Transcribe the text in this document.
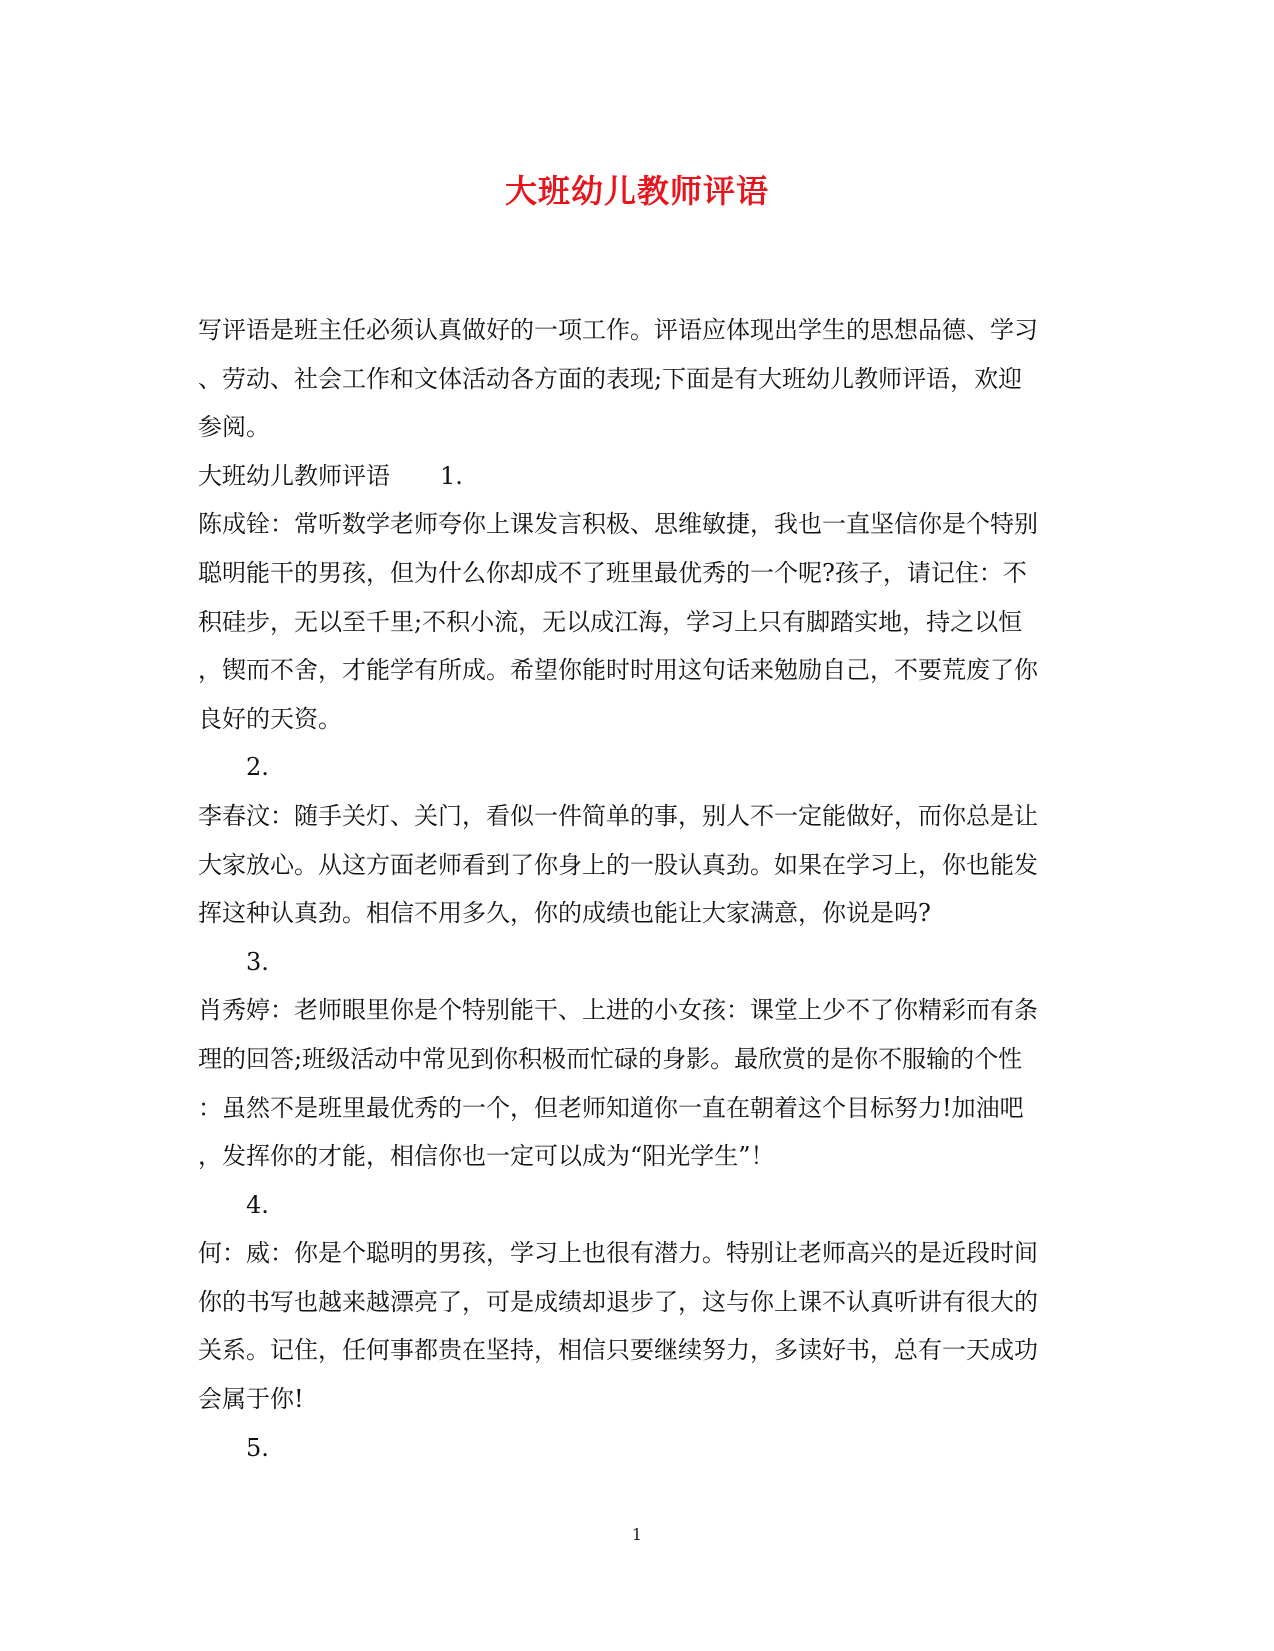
大班幼儿教师评语
写评语是班主任必须认真做好的一项工作。评语应体现出学生的思想品德、学习
、劳动、社会工作和文体活动各方面的表现;下面是有大班幼儿教师评语，欢迎
参阅。
大班幼儿教师评语 1.
陈成铨：常听数学老师夸你上课发言积极、思维敏捷，我也一直坚信你是个特别
聪明能干的男孩，但为什么你却成不了班里最优秀的一个呢?孩子，请记住：不
积硅步，无以至千里;不积小流，无以成江海，学习上只有脚踏实地，持之以恒
，锲而不舍，才能学有所成。希望你能时时用这句话来勉励自己，不要荒废了你
良好的天资。
2.
李春汶：随手关灯、关门，看似一件简单的事，别人不一定能做好，而你总是让
大家放心。从这方面老师看到了你身上的一股认真劲。如果在学习上，你也能发
挥这种认真劲。相信不用多久，你的成绩也能让大家满意，你说是吗?
3.
肖秀婷：老师眼里你是个特别能干、上进的小女孩：课堂上少不了你精彩而有条
理的回答;班级活动中常见到你积极而忙碌的身影。最欣赏的是你不服输的个性
：虽然不是班里最优秀的一个，但老师知道你一直在朝着这个目标努力!加油吧
，发挥你的才能，相信你也一定可以成为“阳光学生”！
4.
何：威：你是个聪明的男孩，学习上也很有潜力。特别让老师高兴的是近段时间
你的书写也越来越漂亮了，可是成绩却退步了，这与你上课不认真听讲有很大的
关系。记住，任何事都贵在坚持，相信只要继续努力，多读好书，总有一天成功
会属于你!
5.
1
